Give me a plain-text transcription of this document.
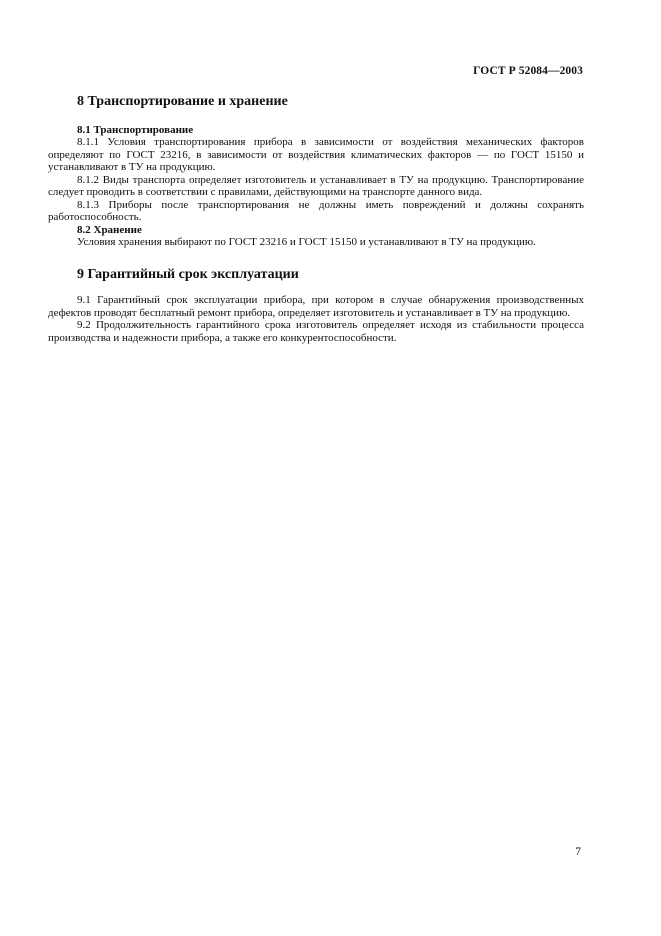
ГОСТ Р 52084—2003
8 Транспортирование и хранение
8.1 Транспортирование

8.1.1 Условия транспортирования прибора в зависимости от воздействия механических факторов определяют по ГОСТ 23216, в зависимости от воздействия климатических факторов — по ГОСТ 15150 и устанавливают в ТУ на продукцию.

8.1.2 Виды транспорта определяет изготовитель и устанавливает в ТУ на продукцию. Транспортирование следует проводить в соответствии с правилами, действующими на транспорте данного вида.

8.1.3 Приборы после транспортирования не должны иметь повреждений и должны сохранять работоспособность.

8.2 Хранение

Условия хранения выбирают по ГОСТ 23216 и ГОСТ 15150 и устанавливают в ТУ на продукцию.

9 Гарантийный срок эксплуатации

9.1 Гарантийный срок эксплуатации прибора, при котором в случае обнаружения производственных дефектов проводят бесплатный ремонт прибора, определяет изготовитель и устанавливает в ТУ на продукцию.

9.2 Продолжительность гарантийного срока изготовитель определяет исходя из стабильности процесса производства и надежности прибора, а также его конкурентоспособности.

7
